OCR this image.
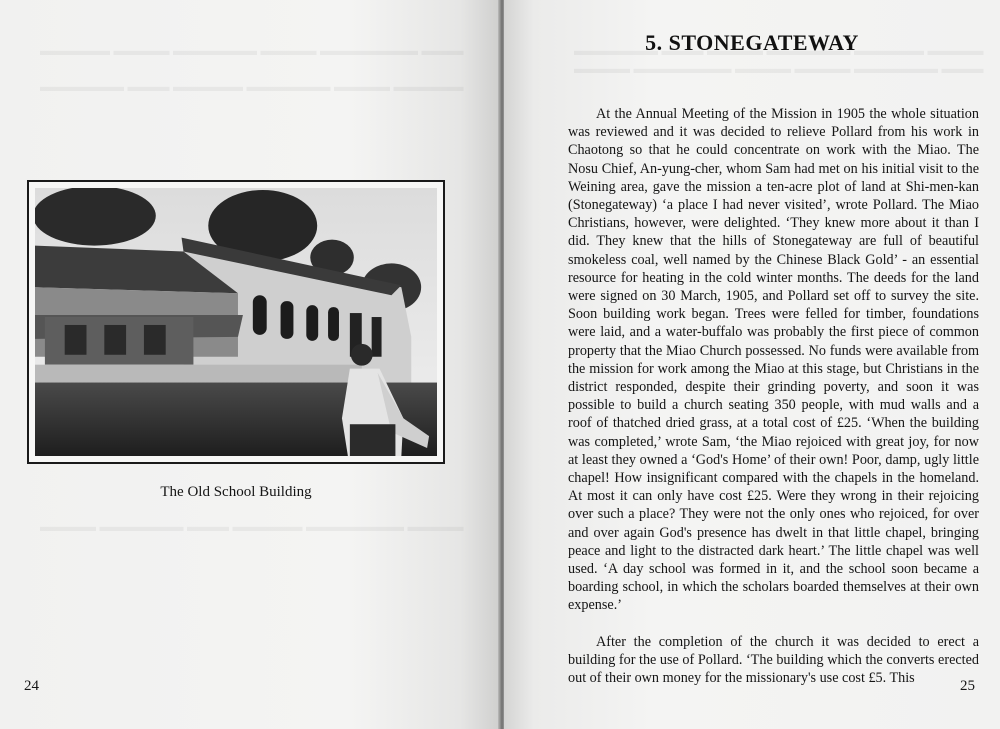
The Old School Building
24
5. STONEGATEWAY

At the Annual Meeting of the Mission in 1905 the whole situation was reviewed and it was decided to relieve Pollard from his work in Chaotong so that he could concentrate on work with the Miao. The Nosu Chief, An-yung-cher, whom Sam had met on his initial visit to the Weining area, gave the mission a ten-acre plot of land at Shi-men-kan (Stonegateway) ‘a place I had never visited’, wrote Pollard. The Miao Christians, however, were delighted. ‘They knew more about it than I did. They knew that the hills of Stonegateway are full of beautiful smokeless coal, well named by the Chinese Black Gold’ - an essential resource for heating in the cold winter months. The deeds for the land were signed on 30 March, 1905, and Pollard set off to survey the site. Soon building work began. Trees were felled for timber, foundations were laid, and a water-buffalo was probably the first piece of common property that the Miao Church possessed. No funds were available from the mission for work among the Miao at this stage, but Christians in the district responded, despite their grinding poverty, and soon it was possible to build a church seating 350 people, with mud walls and a roof of thatched dried grass, at a total cost of £25. ‘When the building was completed,’ wrote Sam, ‘the Miao rejoiced with great joy, for now at least they owned a ‘God's Home’ of their own! Poor, damp, ugly little chapel! How insignificant compared with the chapels in the homeland. At most it can only have cost £25. Were they wrong in their rejoicing over such a place? They were not the only ones who rejoiced, for over and over again God's presence has dwelt in that little chapel, bringing peace and light to the distracted dark heart.’ The little chapel was well used. ‘A day school was formed in it, and the school soon became a boarding school, in which the scholars boarded themselves at their own expense.’

After the completion of the church it was decided to erect a building for the use of Pollard. ‘The building which the converts erected out of their own money for the missionary's use cost £5. This	25
